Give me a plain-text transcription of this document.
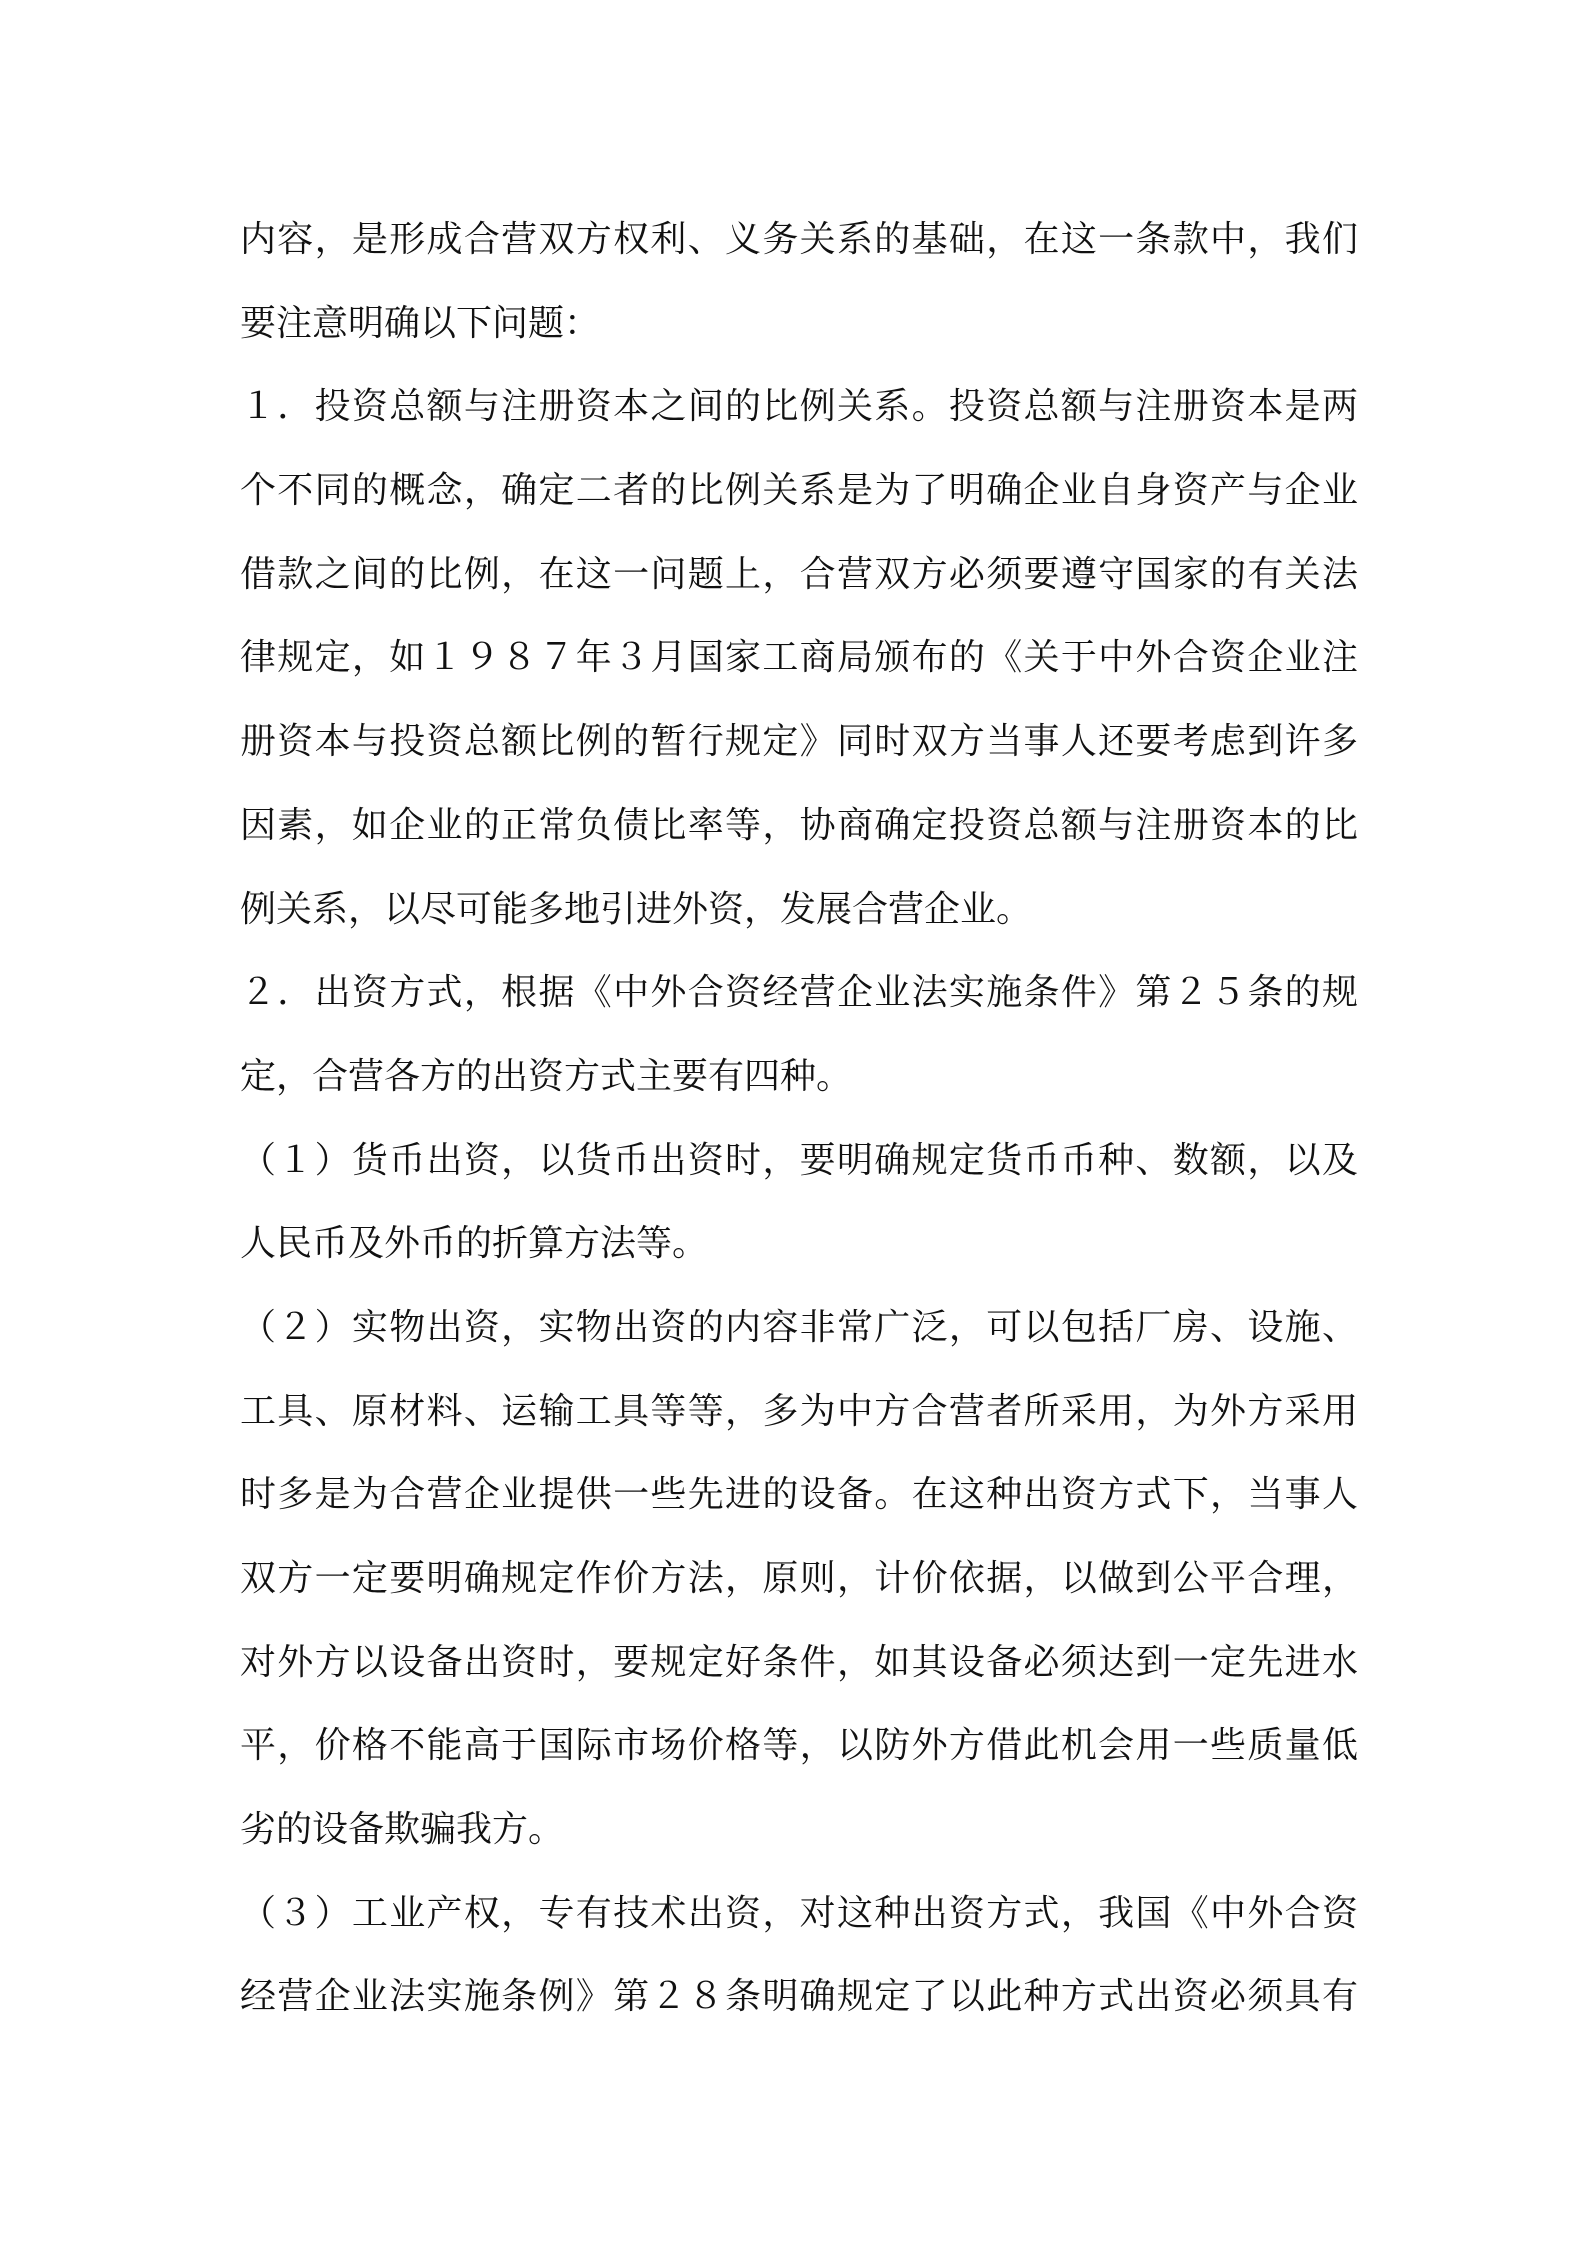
内容，是形成合营双方权利、义务关系的基础，在这一条款中，我们
要注意明确以下问题：
１．投资总额与注册资本之间的比例关系。投资总额与注册资本是两
个不同的概念，确定二者的比例关系是为了明确企业自身资产与企业
借款之间的比例，在这一问题上，合营双方必须要遵守国家的有关法
律规定，如１９８７年３月国家工商局颁布的《关于中外合资企业注
册资本与投资总额比例的暂行规定》同时双方当事人还要考虑到许多
因素，如企业的正常负债比率等，协商确定投资总额与注册资本的比
例关系，以尽可能多地引进外资，发展合营企业。
２．出资方式，根据《中外合资经营企业法实施条件》第２５条的规
定，合营各方的出资方式主要有四种。
（１）货币出资，以货币出资时，要明确规定货币币种、数额，以及
人民币及外币的折算方法等。
（２）实物出资，实物出资的内容非常广泛，可以包括厂房、设施、
工具、原材料、运输工具等等，多为中方合营者所采用，为外方采用
时多是为合营企业提供一些先进的设备。在这种出资方式下，当事人
双方一定要明确规定作价方法，原则，计价依据，以做到公平合理，
对外方以设备出资时，要规定好条件，如其设备必须达到一定先进水
平，价格不能高于国际市场价格等，以防外方借此机会用一些质量低
劣的设备欺骗我方。
（３）工业产权，专有技术出资，对这种出资方式，我国《中外合资
经营企业法实施条例》第２８条明确规定了以此种方式出资必须具有
